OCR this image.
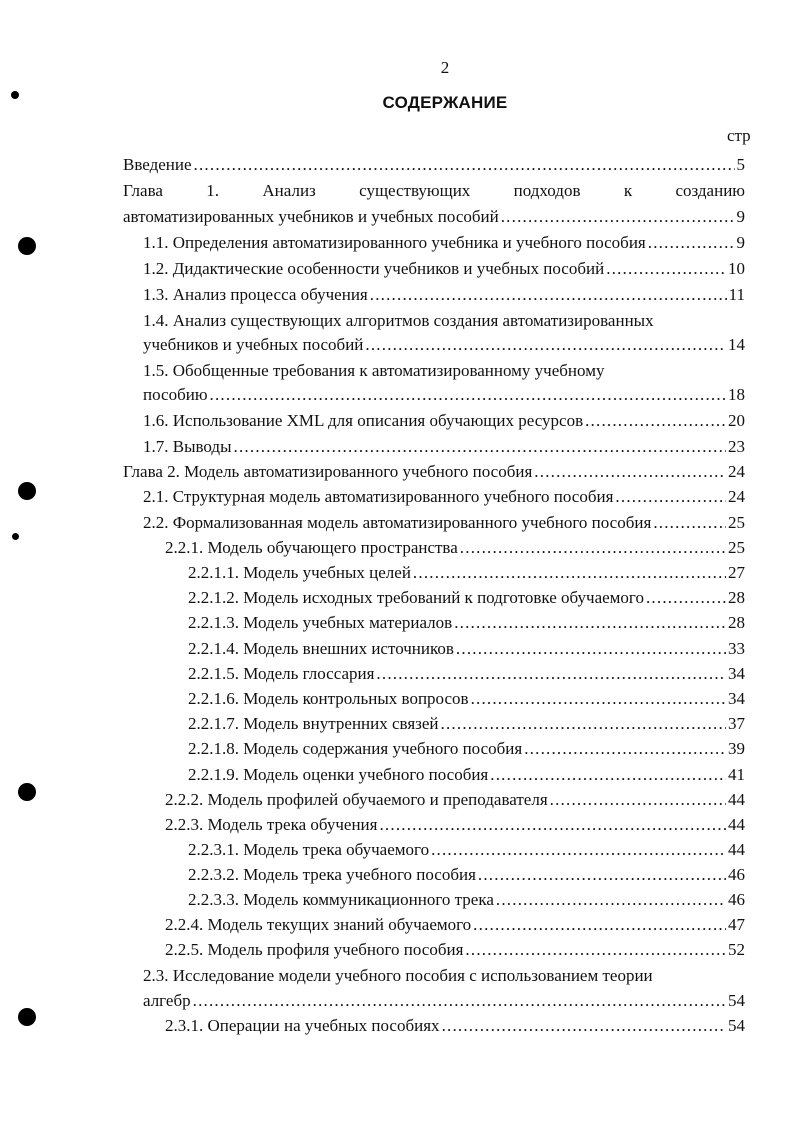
2
СОДЕРЖАНИЕ
стр
Введение .....	5
Глава 1. Анализ существующих подходов к созданию
автоматизированных учебников и учебных пособий .....	9
1.1. Определения автоматизированного учебника и учебного пособия .....	9
1.2. Дидактические особенности учебников и учебных пособий .....	10
1.3. Анализ процесса обучения .....	11
1.4. Анализ существующих алгоритмов создания автоматизированных
учебников и учебных пособий .....	14
1.5. Обобщенные требования к автоматизированному учебному
пособию .....	18
1.6. Использование XML для описания обучающих ресурсов .....	20
1.7. Выводы .....	23
Глава 2. Модель автоматизированного учебного пособия .....	24
2.1. Структурная модель автоматизированного учебного пособия .....	24
2.2. Формализованная модель автоматизированного учебного пособия .....	25
2.2.1. Модель обучающего пространства .....	25
2.2.1.1. Модель учебных целей .....	27
2.2.1.2. Модель исходных требований к подготовке обучаемого .....	28
2.2.1.3. Модель учебных материалов .....	28
2.2.1.4. Модель внешних источников .....	33
2.2.1.5. Модель глоссария .....	34
2.2.1.6. Модель контрольных вопросов .....	34
2.2.1.7. Модель внутренних связей .....	37
2.2.1.8. Модель содержания учебного пособия .....	39
2.2.1.9. Модель оценки учебного пособия .....	41
2.2.2. Модель профилей обучаемого и преподавателя .....	44
2.2.3. Модель трека обучения .....	44
2.2.3.1. Модель трека обучаемого .....	44
2.2.3.2. Модель трека учебного пособия .....	46
2.2.3.3. Модель коммуникационного трека .....	46
2.2.4. Модель текущих знаний обучаемого .....	47
2.2.5. Модель профиля учебного пособия .....	52
2.3. Исследование модели учебного пособия с использованием теории
алгебр .....	54
2.3.1. Операции на учебных пособиях .....	54
